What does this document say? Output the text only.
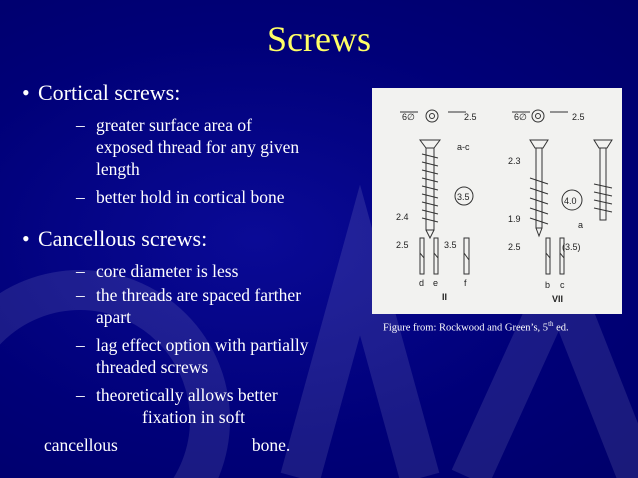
Screws
• Cortical screws:
– greater surface area of
exposed thread for any given
length
– better hold in cortical bone
• Cancellous screws:
– core diameter is less
– the threads are spaced farther
apart
– lag effect option with partially
threaded screws
– theoretically allows better
fixation in soft
cancellous	bone.
6∅	2.5	6∅	2.5
a-c
2.3
3.5	4.0
2.4	1.9
a
2.5	3.5	2.5	(3.5)
d e	f	b c
II	VII
Figure from: Rockwood and Green’s, 5th ed.
